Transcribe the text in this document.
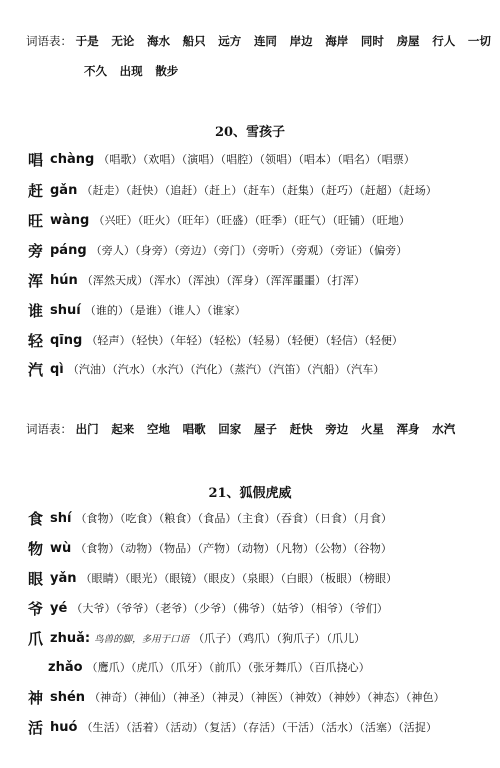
词语表： 于是 无论 海水 船只 远方 连同 岸边 海岸 同时 房屋 行人 一切
不久 出现 散步
20、雪孩子
唱 chàng （唱歌）（欢唱）（演唱）（唱腔）（领唱）（唱本）（唱名）（唱票）
赶 gǎn （赶走）（赶快）（追赶）（赶上）（赶车）（赶集）（赶巧）（赶超）（赶场）
旺 wàng （兴旺）（旺火）（旺年）（旺盛）（旺季）（旺气）（旺铺）（旺地）
旁 páng （旁人）（身旁）（旁边）（旁门）（旁听）（旁观）（旁证）（偏旁）
浑 hún （浑然天成）（浑水）（浑浊）（浑身）（浑浑噩噩）（打浑）
谁 shuí （谁的）（是谁）（谁人）（谁家）
轻 qīng （轻声）（轻快）（年轻）（轻松）（轻易）（轻便）（轻信）（轻便）
汽 qì （汽油）（汽水）（水汽）（汽化）（蒸汽）（汽笛）（汽船）（汽车）
词语表： 出门 起来 空地 唱歌 回家 屋子 赶快 旁边 火星 浑身 水汽
21、狐假虎威
食 shí （食物）（吃食）（粮食）（食品）（主食）（吞食）（日食）（月食）
物 wù （食物）（动物）（物品）（产物）（动物）（凡物）（公物）（谷物）
眼 yǎn （眼睛）（眼光）（眼镜）（眼皮）（泉眼）（白眼）（板眼）（榜眼）
爷 yé （大爷）（爷爷）（老爷）（少爷）（佛爷）（姑爷）（相爷）（爷们）
爪 zhuǎ: 鸟兽的脚，多用于口语 （爪子）（鸡爪）（狗爪子）（爪儿）
zhǎo （鹰爪）（虎爪）（爪牙）（前爪）（张牙舞爪）（百爪挠心）
神 shén （神奇）（神仙）（神圣）（神灵）（神医）（神效）（神妙）（神态）（神色）
活 huó （生活）（活着）（活动）（复活）（存活）（干活）（活水）（活塞）（活捉）
